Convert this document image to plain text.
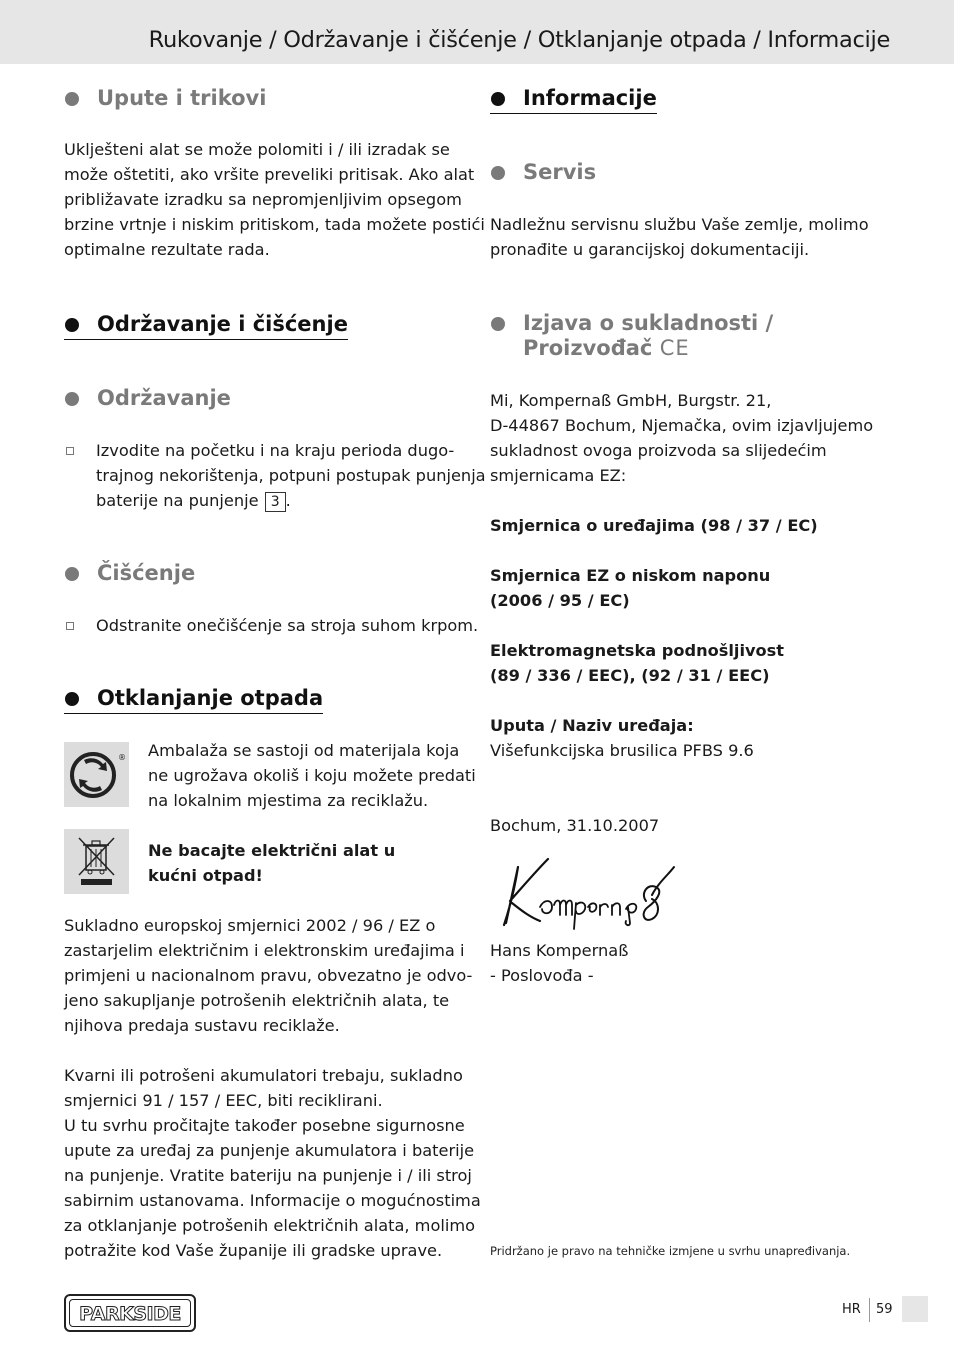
Rukovanje / Održavanje i čišćenje / Otklanjanje otpada / Informacije
Upute i trikovi
Uklješteni alat se može polomiti i / ili izradak se
može oštetiti, ako vršite preveliki pritisak. Ako alat
približavate izradku sa nepromjenljivim opsegom
brzine vrtnje i niskim pritiskom, tada možete postići
optimalne rezultate rada.
Održavanje i čišćenje
Održavanje
Izvodite na početku i na kraju perioda dugo-
trajnog nekorištenja, potpuni postupak punjenja
baterije na punjenje 3 .
Čišćenje
Odstranite onečišćenje sa stroja suhom krpom.
Otklanjanje otpada
® Ambalaža se sastoji od materijala koja
ne ugrožava okoliš i koju možete predati
na lokalnim mjestima za reciklažu.
Ne bacajte električni alat u
kućni otpad!
Sukladno europskoj smjernici 2002 / 96 / EZ o
zastarjelim električnim i elektronskim uređajima i
primjeni u nacionalnom pravu, obvezatno je odvo-
jeno sakupljanje potrošenih električnih alata, te
njihova predaja sustavu reciklaže.
Kvarni ili potrošeni akumulatori trebaju, sukladno
smjernici 91 / 157 / EEC, biti reciklirani.
U tu svrhu pročitajte također posebne sigurnosne
upute za uređaj za punjenje akumulatora i baterije
na punjenje. Vratite bateriju na punjenje i / ili stroj
sabirnim ustanovama. Informacije o mogućnostima
za otklanjanje potrošenih električnih alata, molimo
potražite kod Vaše županije ili gradske uprave.
Informacije
Servis
Nadležnu servisnu službu Vaše zemlje, molimo
pronađite u garancijskoj dokumentaciji.
Izjava o sukladnosti /
Proizvođač CE
Mi, Kompernaß GmbH, Burgstr. 21,
D-44867 Bochum, Njemačka, ovim izjavljujemo
sukladnost ovoga proizvoda sa slijedećim
smjernicama EZ:
Smjernica o uređajima (98 / 37 / EC)
Smjernica EZ o niskom naponu
(2006 / 95 / EC)
Elektromagnetska podnošljivost
(89 / 336 / EEC), (92 / 31 / EEC)
Uputa / Naziv uređaja:
Višefunkcijska brusilica PFBS 9.6
Bochum, 31.10.2007
Hans Kompernaß
- Poslovođa -
Pridržano je pravo na tehničke izmjene u svrhu unapređivanja.
PARKSIDE	HR 59
